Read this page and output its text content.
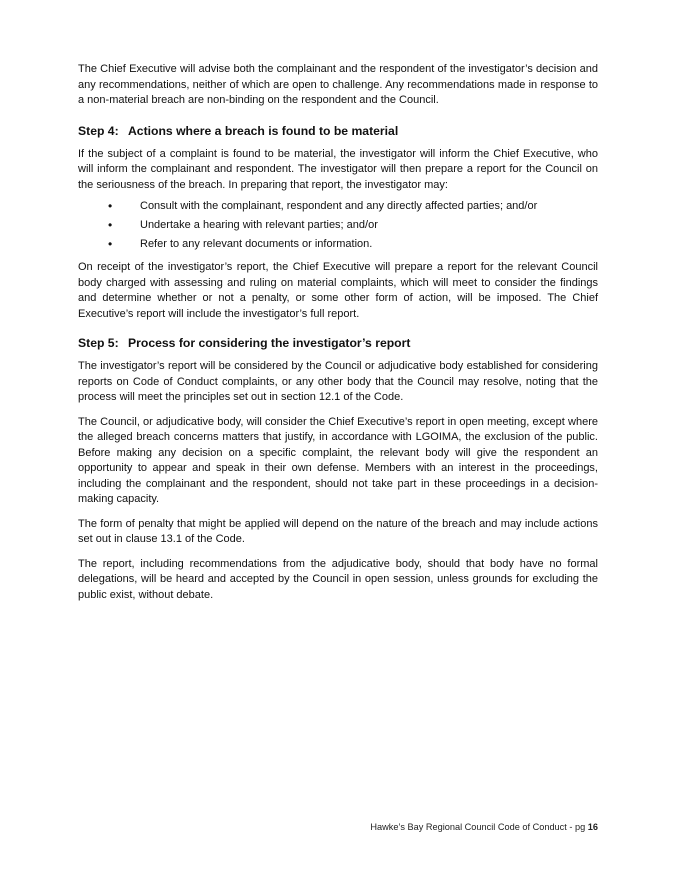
The Chief Executive will advise both the complainant and the respondent of the investigator’s decision and any recommendations, neither of which are open to challenge. Any recommendations made in response to a non-material breach are non-binding on the respondent and the Council.

Step 4: Actions where a breach is found to be material

If the subject of a complaint is found to be material, the investigator will inform the Chief Executive, who will inform the complainant and respondent. The investigator will then prepare a report for the Council on the seriousness of the breach. In preparing that report, the investigator may:

•	Consult with the complainant, respondent and any directly affected parties; and/or
•	Undertake a hearing with relevant parties; and/or
•	Refer to any relevant documents or information.

On receipt of the investigator’s report, the Chief Executive will prepare a report for the relevant Council body charged with assessing and ruling on material complaints, which will meet to consider the findings and determine whether or not a penalty, or some other form of action, will be imposed. The Chief Executive’s report will include the investigator’s full report.

Step 5: Process for considering the investigator’s report

The investigator’s report will be considered by the Council or adjudicative body established for considering reports on Code of Conduct complaints, or any other body that the Council may resolve, noting that the process will meet the principles set out in section 12.1 of the Code.

The Council, or adjudicative body, will consider the Chief Executive’s report in open meeting, except where the alleged breach concerns matters that justify, in accordance with LGOIMA, the exclusion of the public. Before making any decision on a specific complaint, the relevant body will give the respondent an opportunity to appear and speak in their own defense. Members with an interest in the proceedings, including the complainant and the respondent, should not take part in these proceedings in a decision-making capacity.

The form of penalty that might be applied will depend on the nature of the breach and may include actions set out in clause 13.1 of the Code.

The report, including recommendations from the adjudicative body, should that body have no formal delegations, will be heard and accepted by the Council in open session, unless grounds for excluding the public exist, without debate.

Hawke’s Bay Regional Council Code of Conduct - pg 16
